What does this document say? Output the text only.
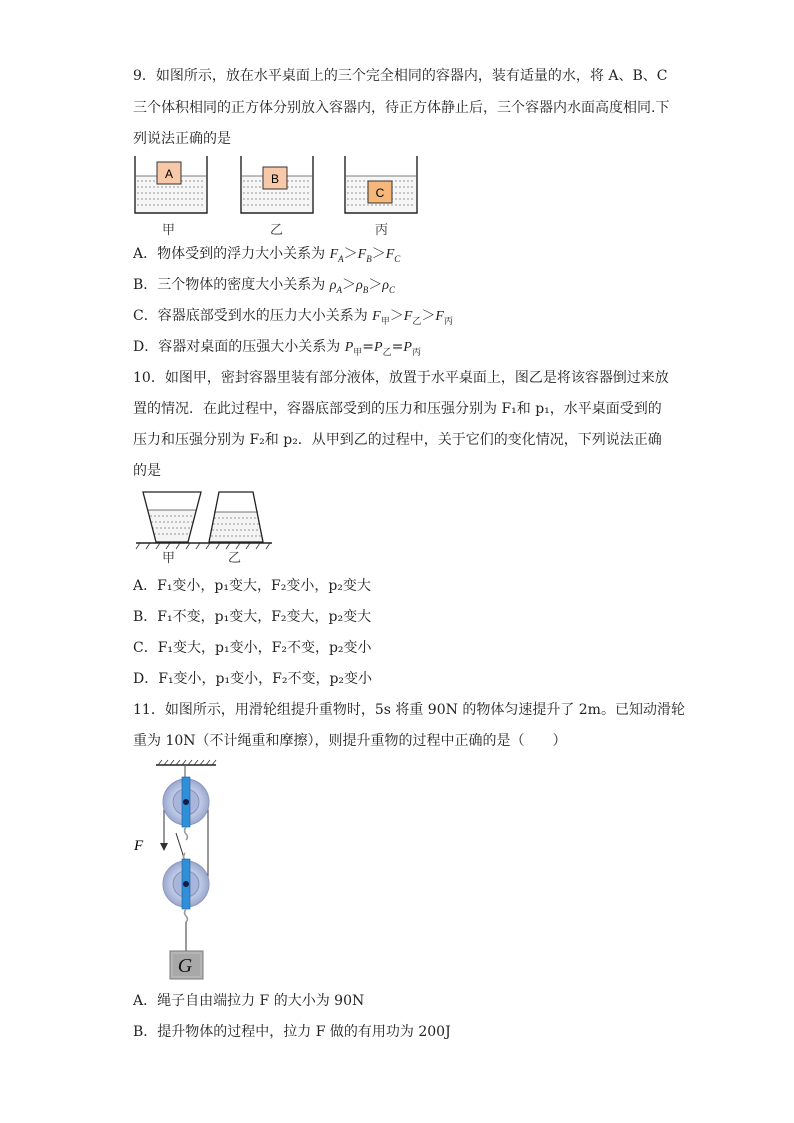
9．如图所示，放在水平桌面上的三个完全相同的容器内，装有适量的水，将 A、B、C
三个体积相同的正方体分别放入容器内，待正方体静止后，三个容器内水面高度相同.下
列说法正确的是
A	B
C
甲	乙	丙
A．物体受到的浮力大小关系为 $F_A>F_B>F_C$
B．三个物体的密度大小关系为 $\rho_A>\rho_B>\rho_C$
C．容器底部受到水的压力大小关系为 $F_甲>F_乙>F_丙$
D．容器对桌面的压强大小关系为 $P_甲=P_乙=P_丙$
10．如图甲，密封容器里装有部分液体，放置于水平桌面上，图乙是将该容器倒过来放
置的情况．在此过程中，容器底部受到的压力和压强分别为 F₁和 p₁，水平桌面受到的
压力和压强分别为 F₂和 p₂．从甲到乙的过程中，关于它们的变化情况，下列说法正确
的是
甲	乙
A．F₁变小，p₁变大，F₂变小，p₂变大
B．F₁不变，p₁变大，F₂变大，p₂变大
C．F₁变大，p₁变小，F₂不变，p₂变小
D．F₁变小，p₁变小，F₂不变，p₂变小
11．如图所示，用滑轮组提升重物时，5s 将重 90N 的物体匀速提升了 2m。已知动滑轮
重为 10N（不计绳重和摩擦），则提升重物的过程中正确的是（　　）
F
G
A．绳子自由端拉力 F 的大小为 90N
B．提升物体的过程中，拉力 F 做的有用功为 200J
